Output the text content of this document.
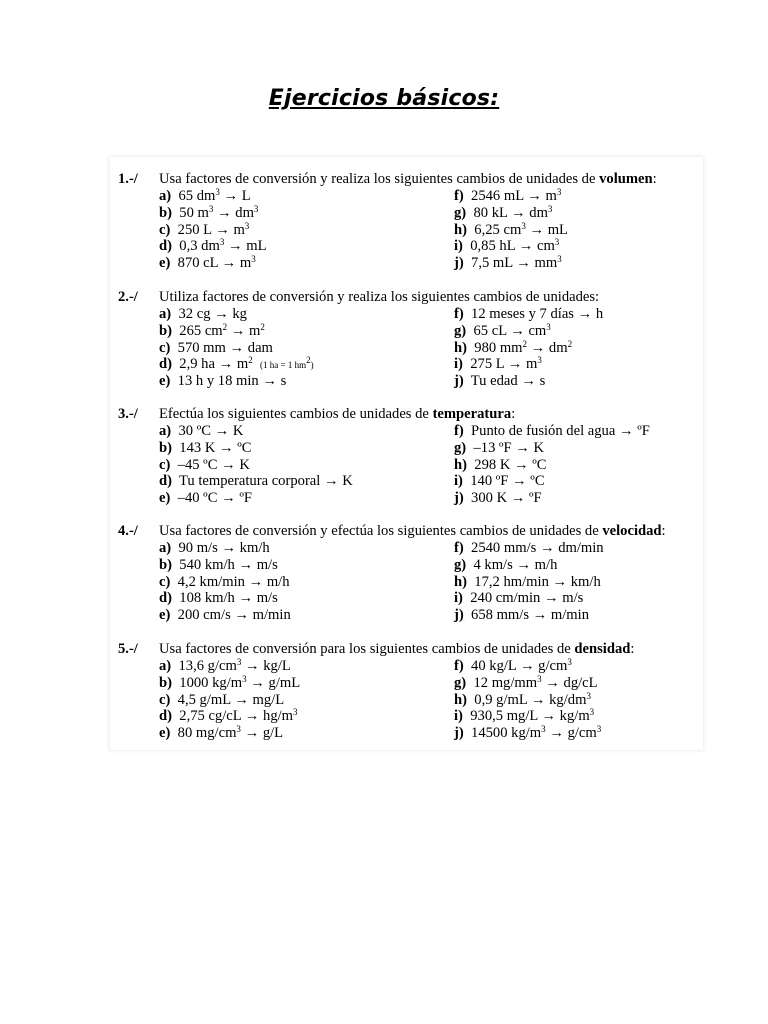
Ejercicios básicos:
1.-/ Usa factores de conversión y realiza los siguientes cambios de unidades de volumen:
a) 65 $dm^3 \to L$
b) 50 $m^3 \to dm^3$
c) 250 $L \to m^3$
d) 0,3 $dm^3$ → mL
e) 870 cL → $m^3$
f) 2546 mL → $m^3$
g) 80 kL → $dm^3$
h) 6,25 $cm^3$ → mL
i) 0,85 hL → $cm^3$
j) 7,5 mL → $mm^3$
2.-/ Utiliza factores de conversión y realiza los siguientes cambios de unidades:
a) 32 cg → kg
b) 265 $cm^2 \to m^2$
c) 570 mm → dam
d) 2,9 ha → $m^2$ (1 ha = 1 $hm^2$)
e) 13 h y 18 min → s
f) 12 meses y 7 días → h
g) 65 cL → $cm^3$
h) 980 $mm^2 \to dm^2$
i) 275 $L \to m^3$
j) Tu edad → s
3.-/ Efectúa los siguientes cambios de unidades de temperatura:
a) 30 ºC → K
b) 143 K → ºC
c) –45 ºC → K
d) Tu temperatura corporal → K
e) –40 ºC → ºF
f) Punto de fusión del agua → ºF
g) –13 ºF → K
h) 298 K → ºC
i) 140 ºF → ºC
j) 300 K → ºF
4.-/ Usa factores de conversión y efectúa los siguientes cambios de unidades de velocidad:
a) 90 m/s → km/h
b) 540 km/h → m/s
c) 4,2 km/min → m/h
d) 108 km/h → m/s
e) 200 cm/s → m/min
f) 2540 mm/s → dm/min
g) 4 km/s → m/h
h) 17,2 hm/min → km/h
i) 240 cm/min → m/s
j) 658 mm/s → m/min
5.-/ Usa factores de conversión para los siguientes cambios de unidades de densidad:
a) 13,6 $g/cm^3 \to kg/L$
b) 1000 $kg/m^3 \to g/mL$
c) 4,5 g/mL → mg/L
d) 2,75 $cg/cL \to hg/m^3$
e) 80 $mg/cm^3 \to g/L$
f) 40 $kg/L \to g/cm^3$
g) 12 $mg/mm^3 \to dg/cL$
h) 0,9 $g/mL \to kg/dm^3$
i) 930,5 $mg/L \to kg/m^3$
j) 14500 $kg/m^3 \to g/cm^3$
